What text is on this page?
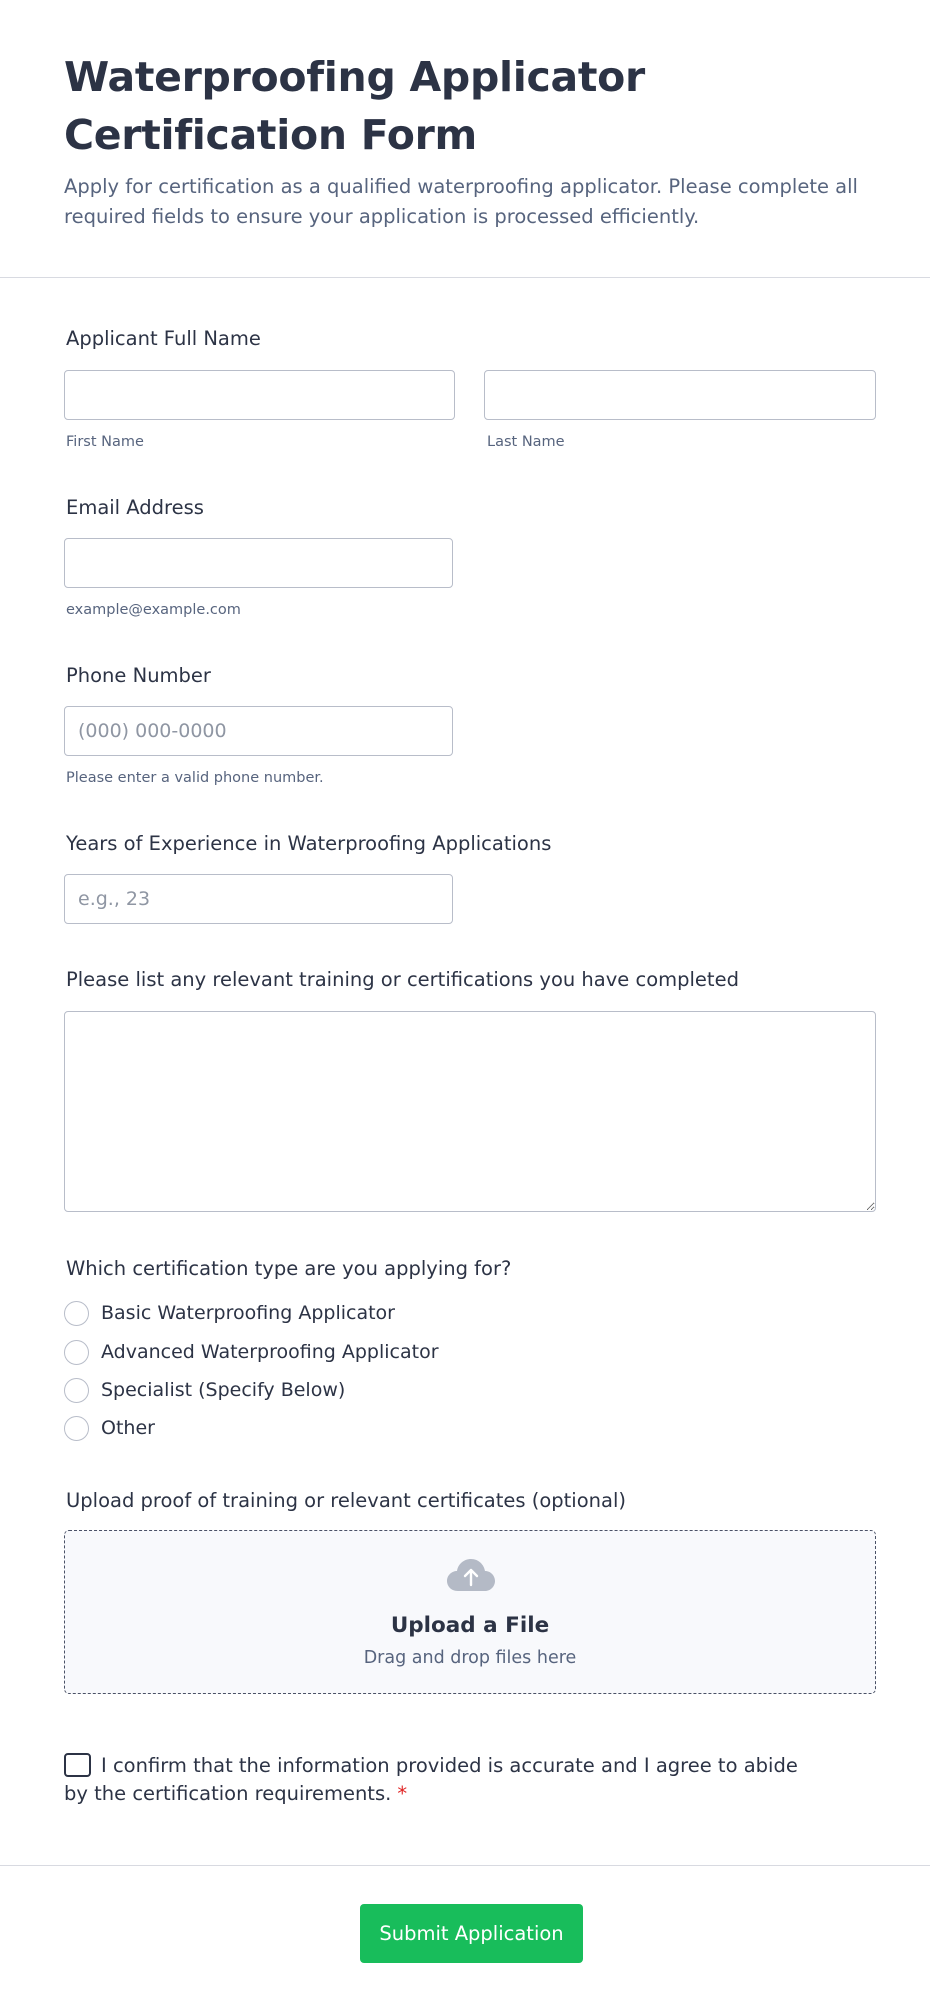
Waterproofing Applicator Certification Form
Apply for certification as a qualified waterproofing applicator. Please complete all required fields to ensure your application is processed efficiently.
Applicant Full Name
First Name	Last Name
Email Address
example@example.com
Phone Number
(000) 000-0000
Please enter a valid phone number.
Years of Experience in Waterproofing Applications
e.g., 23
Please list any relevant training or certifications you have completed
Which certification type are you applying for?
Basic Waterproofing Applicator
Advanced Waterproofing Applicator
Specialist (Specify Below)
Other
Upload proof of training or relevant certificates (optional)
Upload a File
Drag and drop files here
I confirm that the information provided is accurate and I agree to abide by the certification requirements. *
Submit Application
